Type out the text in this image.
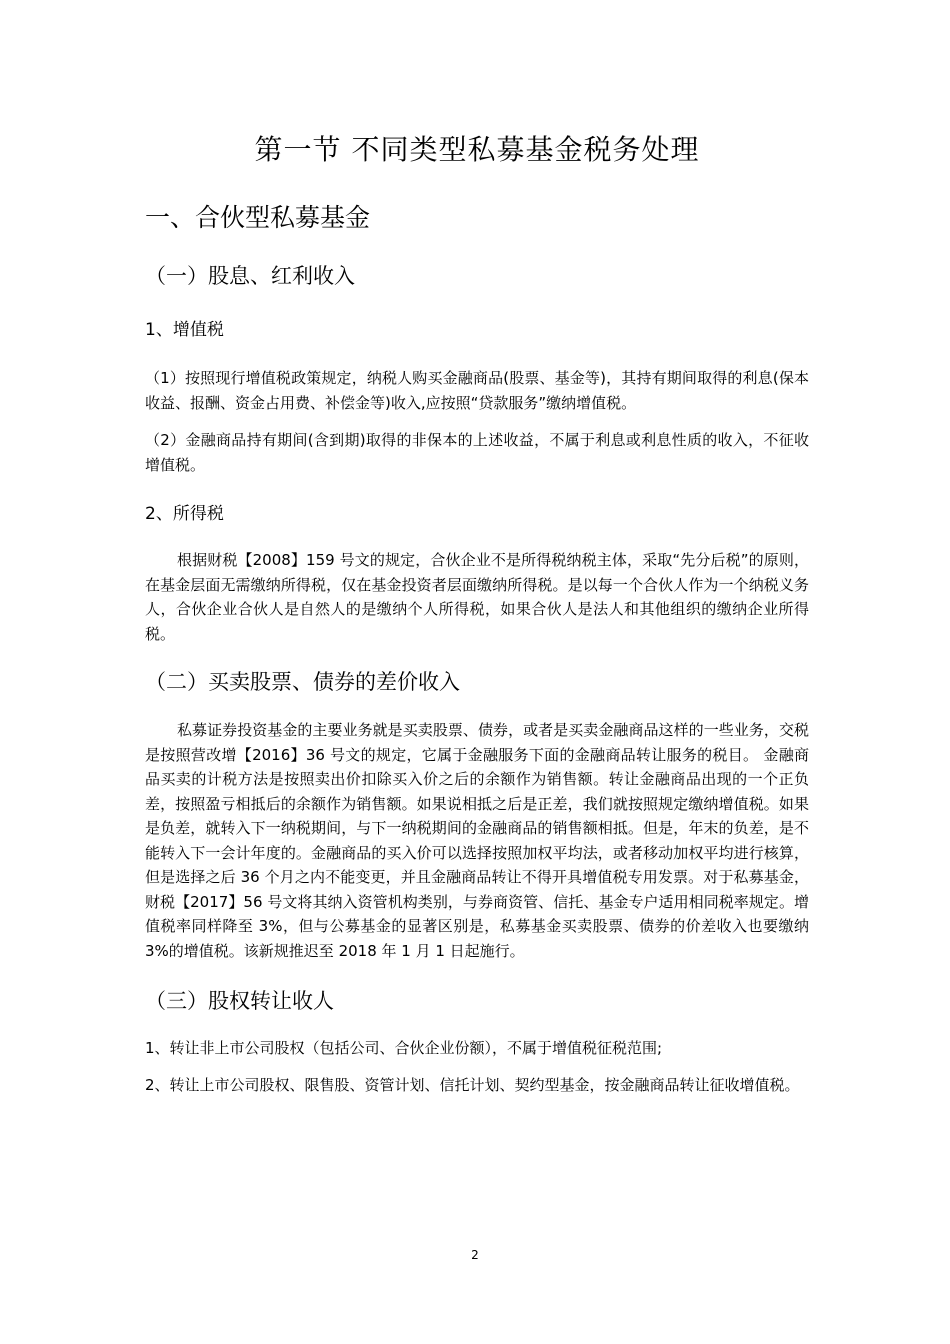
第一节 不同类型私募基金税务处理
一、合伙型私募基金
（一）股息、红利收入
1、增值税

（1）按照现行增值税政策规定，纳税人购买金融商品(股票、基金等)，其持有期间取得的利息(保本收益、报酬、资金占用费、补偿金等)收入,应按照“贷款服务”缴纳增值税。

（2）金融商品持有期间(含到期)取得的非保本的上述收益，不属于利息或利息性质的收入，不征收增值税。

2、所得税

根据财税【2008】159 号文的规定，合伙企业不是所得税纳税主体，采取“先分后税”的原则，在基金层面无需缴纳所得税，仅在基金投资者层面缴纳所得税。是以每一个合伙人作为一个纳税义务人，合伙企业合伙人是自然人的是缴纳个人所得税，如果合伙人是法人和其他组织的缴纳企业所得税。

（二）买卖股票、债券的差价收入

私募证券投资基金的主要业务就是买卖股票、债券，或者是买卖金融商品这样的一些业务，交税是按照营改增【2016】36 号文的规定，它属于金融服务下面的金融商品转让服务的税目。 金融商品买卖的计税方法是按照卖出价扣除买入价之后的余额作为销售额。转让金融商品出现的一个正负差，按照盈亏相抵后的余额作为销售额。如果说相抵之后是正差，我们就按照规定缴纳增值税。如果是负差，就转入下一纳税期间，与下一纳税期间的金融商品的销售额相抵。但是，年末的负差，是不能转入下一会计年度的。金融商品的买入价可以选择按照加权平均法，或者移动加权平均进行核算，但是选择之后 36 个月之内不能变更，并且金融商品转让不得开具增值税专用发票。对于私募基金，财税【2017】56 号文将其纳入资管机构类别，与券商资管、信托、基金专户适用相同税率规定。增值税率同样降至 3%，但与公募基金的显著区别是，私募基金买卖股票、债券的价差收入也要缴纳 3%的增值税。该新规推迟至 2018 年 1 月 1 日起施行。

（三）股权转让收人

1、转让非上市公司股权（包括公司、合伙企业份额），不属于增值税征税范围;

2、转让上市公司股权、限售股、资管计划、信托计划、契约型基金，按金融商品转让征收增值税。

2
